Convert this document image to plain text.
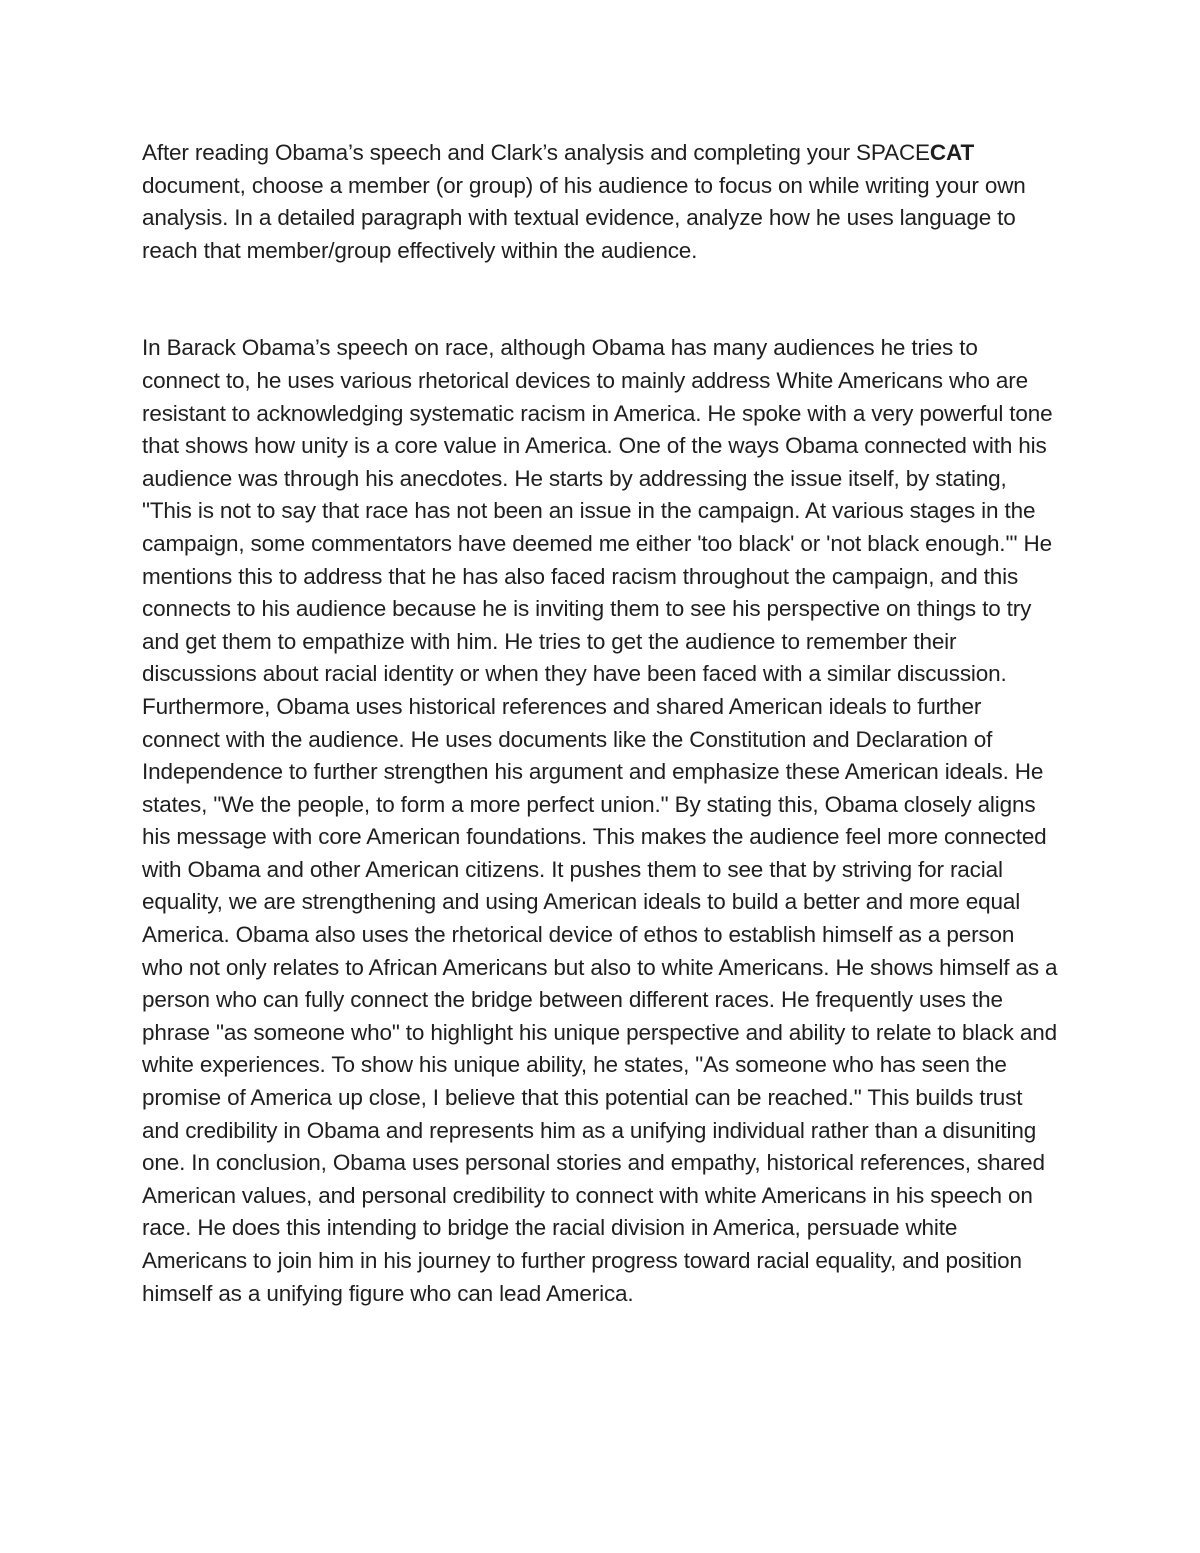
After reading Obama’s speech and Clark’s analysis and completing your SPACECAT document, choose a member (or group) of his audience to focus on while writing your own analysis. In a detailed paragraph with textual evidence, analyze how he uses language to reach that member/group effectively within the audience.

In Barack Obama’s speech on race, although Obama has many audiences he tries to connect to, he uses various rhetorical devices to mainly address White Americans who are resistant to acknowledging systematic racism in America. He spoke with a very powerful tone that shows how unity is a core value in America. One of the ways Obama connected with his audience was through his anecdotes. He starts by addressing the issue itself, by stating, "This is not to say that race has not been an issue in the campaign. At various stages in the campaign, some commentators have deemed me either 'too black' or 'not black enough.'" He mentions this to address that he has also faced racism throughout the campaign, and this connects to his audience because he is inviting them to see his perspective on things to try and get them to empathize with him. He tries to get the audience to remember their discussions about racial identity or when they have been faced with a similar discussion. Furthermore, Obama uses historical references and shared American ideals to further connect with the audience. He uses documents like the Constitution and Declaration of Independence to further strengthen his argument and emphasize these American ideals. He states, "We the people, to form a more perfect union." By stating this, Obama closely aligns his message with core American foundations. This makes the audience feel more connected with Obama and other American citizens. It pushes them to see that by striving for racial equality, we are strengthening and using American ideals to build a better and more equal America. Obama also uses the rhetorical device of ethos to establish himself as a person who not only relates to African Americans but also to white Americans. He shows himself as a person who can fully connect the bridge between different races. He frequently uses the phrase "as someone who" to highlight his unique perspective and ability to relate to black and white experiences. To show his unique ability, he states, "As someone who has seen the promise of America up close, I believe that this potential can be reached." This builds trust and credibility in Obama and represents him as a unifying individual rather than a disuniting one. In conclusion, Obama uses personal stories and empathy, historical references, shared American values, and personal credibility to connect with white Americans in his speech on race. He does this intending to bridge the racial division in America, persuade white Americans to join him in his journey to further progress toward racial equality, and position himself as a unifying figure who can lead America.
